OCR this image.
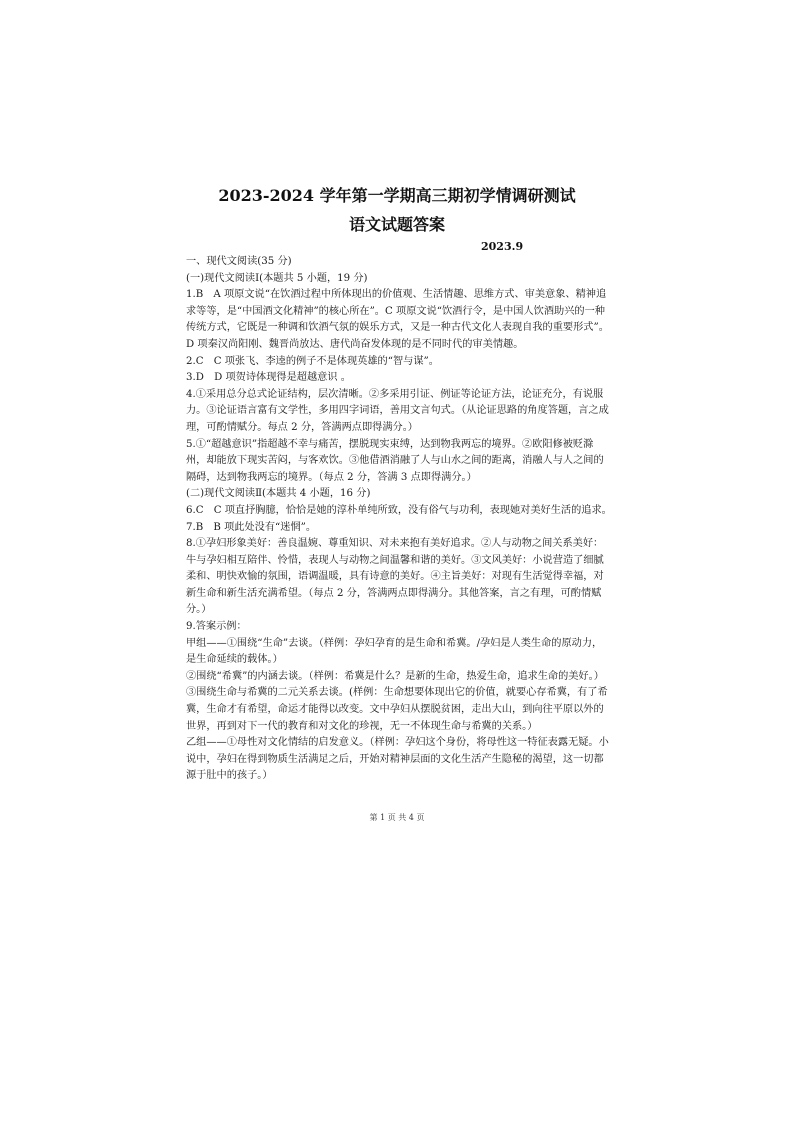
2023-2024 学年第一学期高三期初学情调研测试
语文试题答案
2023.9

一、现代文阅读(35 分)

(一)现代文阅读Ⅰ(本题共 5 小题，19 分)

1.B　A 项原文说“在饮酒过程中所体现出的价值观、生活情趣、思维方式、审美意象、精神追求等等，是“中国酒文化精神”的核心所在”。C 项原文说“饮酒行令，是中国人饮酒助兴的一种传统方式，它既是一种调和饮酒气氛的娱乐方式，又是一种古代文化人表现自我的重要形式”。D 项秦汉尚阳刚、魏晋尚放达、唐代尚奋发体现的是不同时代的审美情趣。

2.C　C 项张飞、李逵的例子不是体现英雄的“智与谋”。

3.D　D 项贺诗体现得是超越意识 。

4.①采用总分总式论证结构，层次清晰。②多采用引证、例证等论证方法，论证充分，有说服力。③论证语言富有文学性，多用四字词语，善用文言句式。（从论证思路的角度答题，言之成理，可酌情赋分。每点 2 分，答满两点即得满分。）

5.①“超越意识”指超越不幸与痛苦，摆脱现实束缚，达到物我两忘的境界。②欧阳修被贬滁州，却能放下现实苦闷，与客欢饮。③他借酒消融了人与山水之间的距离，消融人与人之间的隔碍，达到物我两忘的境界。（每点 2 分，答满 3 点即得满分。）

(二)现代文阅读Ⅱ(本题共 4 小题，16 分)

6.C　C 项直抒胸臆，恰恰是她的淳朴单纯所致，没有俗气与功利，表现她对美好生活的追求。

7.B　B 项此处没有“迷惘”。

8.①孕妇形象美好：善良温婉、尊重知识、对未来抱有美好追求。②人与动物之间关系美好：牛与孕妇相互陪伴、怜惜，表现人与动物之间温馨和谐的美好。③文风美好：小说营造了细腻柔和、明快欢愉的氛围，语调温暖，具有诗意的美好。④主旨美好：对现有生活觉得幸福，对新生命和新生活充满希望。（每点 2 分，答满两点即得满分。其他答案，言之有理，可酌情赋分。）

9.答案示例：

甲组——①围绕“生命”去谈。（样例：孕妇孕育的是生命和希冀。/孕妇是人类生命的原动力，是生命延续的载体。）

②围绕“希冀”的内涵去谈。（样例：希冀是什么？是新的生命，热爱生命，追求生命的美好。）

③围绕生命与希冀的二元关系去谈。(样例：生命想要体现出它的价值，就要心存希冀，有了希冀，生命才有希望，命运才能得以改变。文中孕妇从摆脱贫困，走出大山，到向往平原以外的世界，再到对下一代的教育和对文化的珍视，无一不体现生命与希冀的关系。）

乙组——①母性对文化情结的启发意义。（样例：孕妇这个身份，将母性这一特征表露无疑。小说中，孕妇在得到物质生活满足之后，开始对精神层面的文化生活产生隐秘的渴望，这一切都源于肚中的孩子。）

第 1 页 共 4 页
